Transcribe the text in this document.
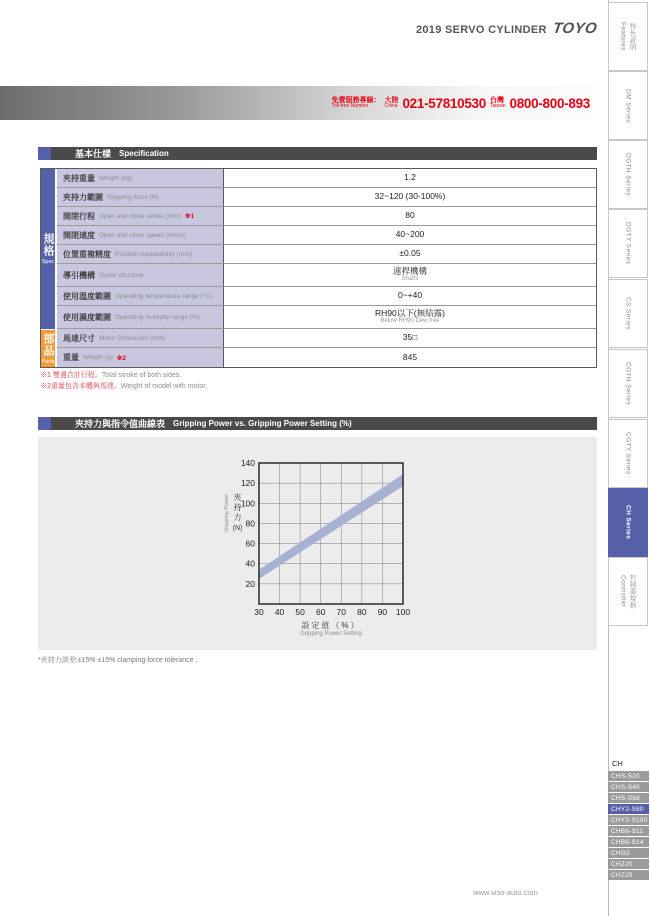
2019 SERVO CYLINDER TOYO
免費服務專線：
Toll-free Number
大陸
China 021-57810530 台灣
Taiwan 0800-800-893
基本仕樣 Specification
規格
Spec
部品
Parts
夾持重量 Weight (kg)	1.2
夾持力範圍 Gripping force (N)	32~120 (30-100%)
開閉行程 Open and close stroke (mm) ※1	80
開閉速度 Open and close speed (mm/s)	40~200
位置重複精度 Position repeatability (mm)	±0.05
導引機構 Guide structure	連桿機構
Shafts
使用溫度範圍 Operating temperature range (°C)	0~+40
使用濕度範圍 Operating humidity range (%)	RH90以下(無結露)
Below RH90 Dew free
馬達尺寸 Motor Dimension (mm)	35□
重量 Weight (g) ※2	845
※1 雙邊合計行程。Total stroke of both sides.
※2重量包含本體與馬達。Weight of model with motor.
夾持力與指令值曲線表 Gripping Power vs. Gripping Power Setting (%)
20
40
60
80
100
120
140
30 40 50 60 70 80 90 100
Gripping Power 夾持力
(N)
設定值（%）
Gripping Power Setting
*夾持力誤差:±15% ±15% clamping force tolerance .
Features 特色說明
DM Series
DGTH Series
DGTY Series
CS Series
CGTH Series
CGTY Series
CH Series
Controller 控制器規格
CH
CHS-S20
CHS-S40
CHS-S68
CHY2-S80
CHY2-S150
CHB6-S11
CHB6-S14
CHG2
CHZ20
CHZ25
www.viso-auto.com
